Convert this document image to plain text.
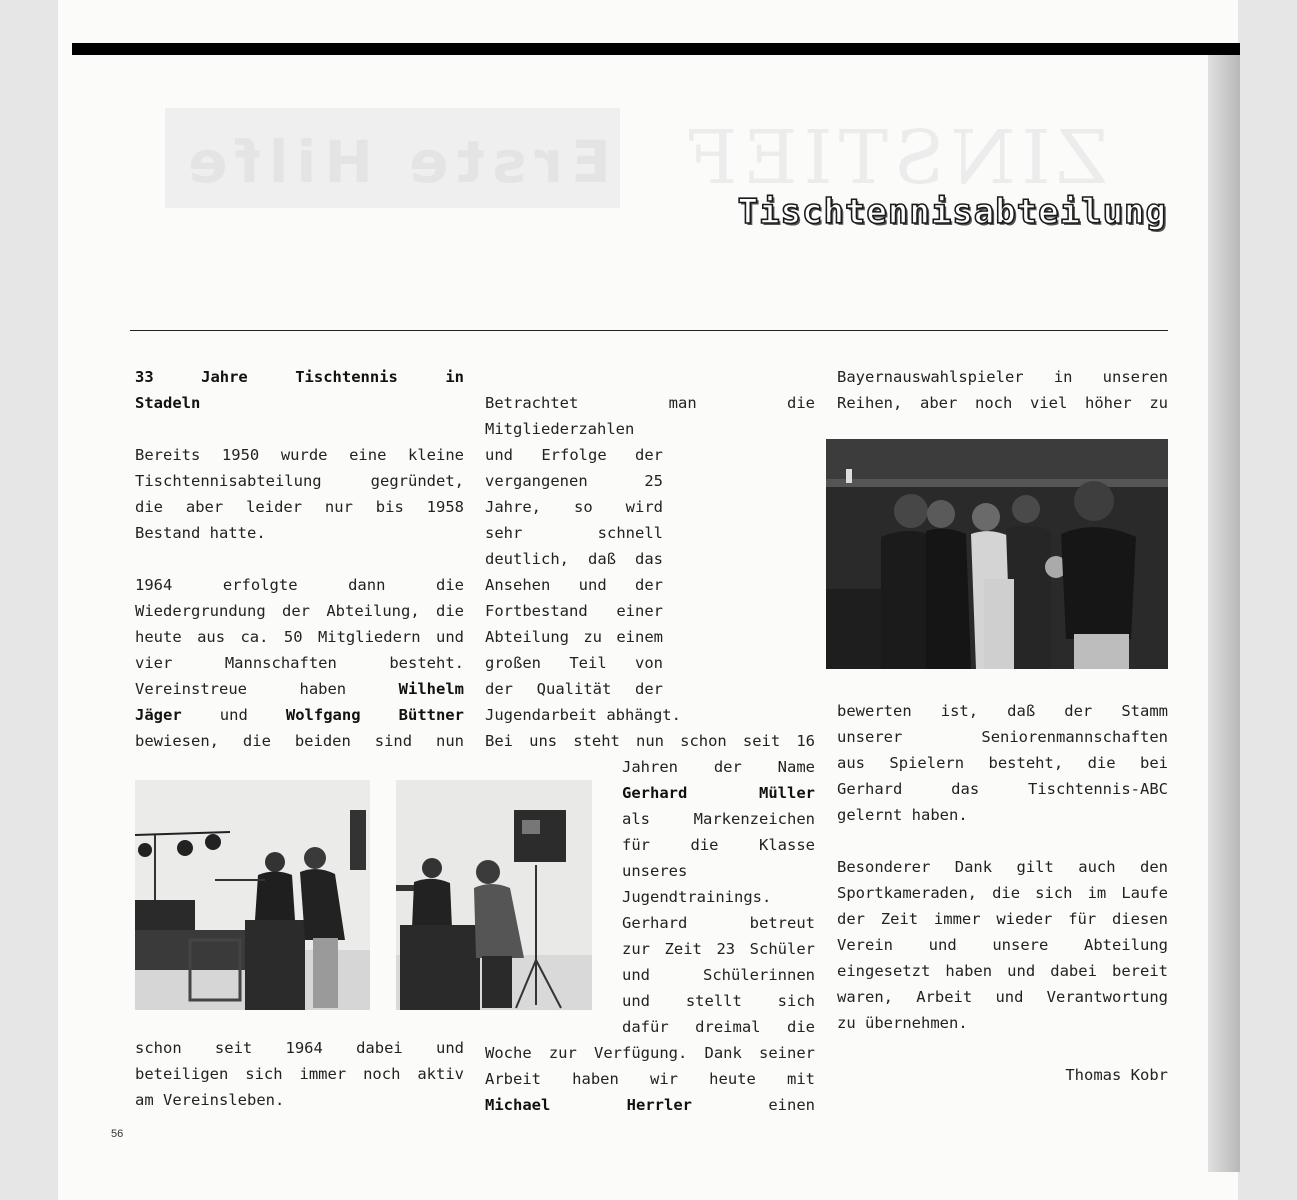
Erste Hilfe ZINSTIEF
Tischtennisabteilung

33	Jahre	Tischtennis	in

Stadeln

Bereits 1950 wurde eine kleine

Tischtennisabteilung gegründet,

die aber leider nur bis 1958

Bestand hatte.

1964 erfolgte dann die

Wiedergrundung der Abteilung, die

heute aus ca. 50 Mitgliedern und

vier Mannschaften besteht.

Vereinstreue haben	Wilhelm

Jäger und Wolfgang Büttner

bewiesen, die beiden sind nun

schon seit 1964 dabei und

beteiligen sich immer noch aktiv

am Vereinsleben.

Betrachtet man die

Mitgliederzahlen

und Erfolge der

vergangenen 25

Jahre, so wird

sehr schnell

deutlich, daß das

Ansehen und der

Fortbestand einer

Abteilung zu einem

großen Teil von

der Qualität der

Jugendarbeit abhängt.

Bei uns steht nun schon seit 16

Jahren der Name

Gerhard Müller

als Markenzeichen

für die Klasse

unseres

Jugendtrainings.

Gerhard betreut

zur Zeit 23 Schüler

und Schülerinnen

und stellt sich

dafür dreimal die

Woche zur Verfügung. Dank seiner

Arbeit haben wir heute mit

Michael Herrler	einen

Bayernauswahlspieler in unseren

Reihen, aber noch viel höher zu

bewerten ist, daß der Stamm

unserer Seniorenmannschaften

aus Spielern besteht, die bei

Gerhard das Tischtennis-ABC

gelernt haben.

Besonderer Dank gilt auch den

Sportkameraden, die sich im Laufe

der Zeit immer wieder für diesen

Verein und unsere Abteilung

eingesetzt haben und dabei bereit

waren, Arbeit und Verantwortung

zu übernehmen.

Thomas Kobr

56
